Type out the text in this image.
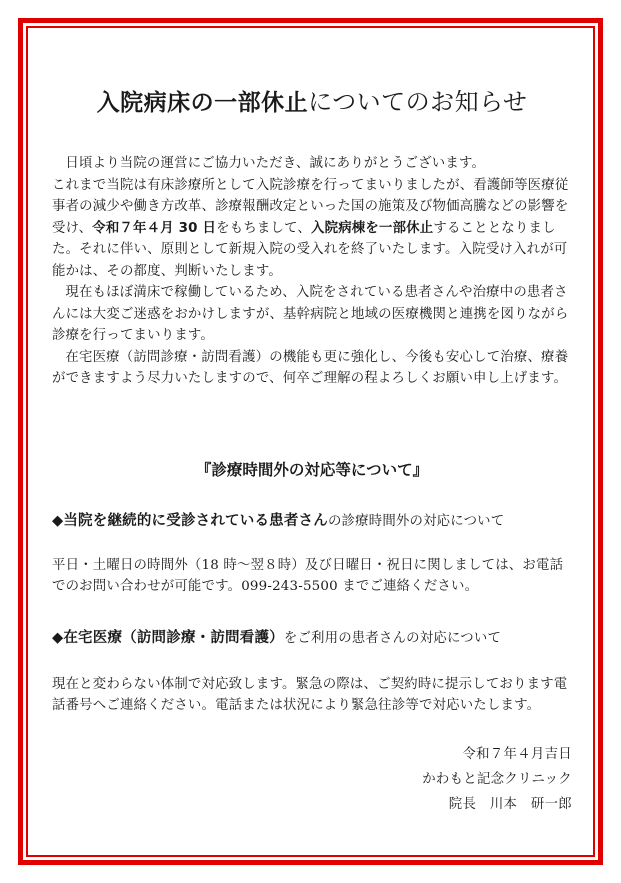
入院病床の一部休止についてのお知らせ

日頃より当院の運営にご協力いただき、誠にありがとうございます。

これまで当院は有床診療所として入院診療を行ってまいりましたが、看護師等医療従事者の減少や働き方改革、診療報酬改定といった国の施策及び物価高騰などの影響を受け、令和７年４月 30 日をもちまして、入院病棟を一部休止することとなりました。それに伴い、原則として新規入院の受入れを終了いたします。入院受け入れが可能かは、その都度、判断いたします。

現在もほぼ満床で稼働しているため、入院をされている患者さんや治療中の患者さんには大変ご迷惑をおかけしますが、基幹病院と地域の医療機関と連携を図りながら診療を行ってまいります。

在宅医療（訪問診療・訪問看護）の機能も更に強化し、今後も安心して治療、療養ができますよう尽力いたしますので、何卒ご理解の程よろしくお願い申し上げます。

『診療時間外の対応等について』
◆当院を継続的に受診されている患者さんの診療時間外の対応について
平日・土曜日の時間外（18 時～翌８時）及び日曜日・祝日に関しましては、お電話でのお問い合わせが可能です。099-243-5500 までご連絡ください。
◆在宅医療（訪問診療・訪問看護）をご利用の患者さんの対応について
現在と変わらない体制で対応致します。緊急の際は、ご契約時に提示しております電話番号へご連絡ください。電話または状況により緊急往診等で対応いたします。
令和７年４月吉日
かわもと記念クリニック
院長　川本　研一郎
